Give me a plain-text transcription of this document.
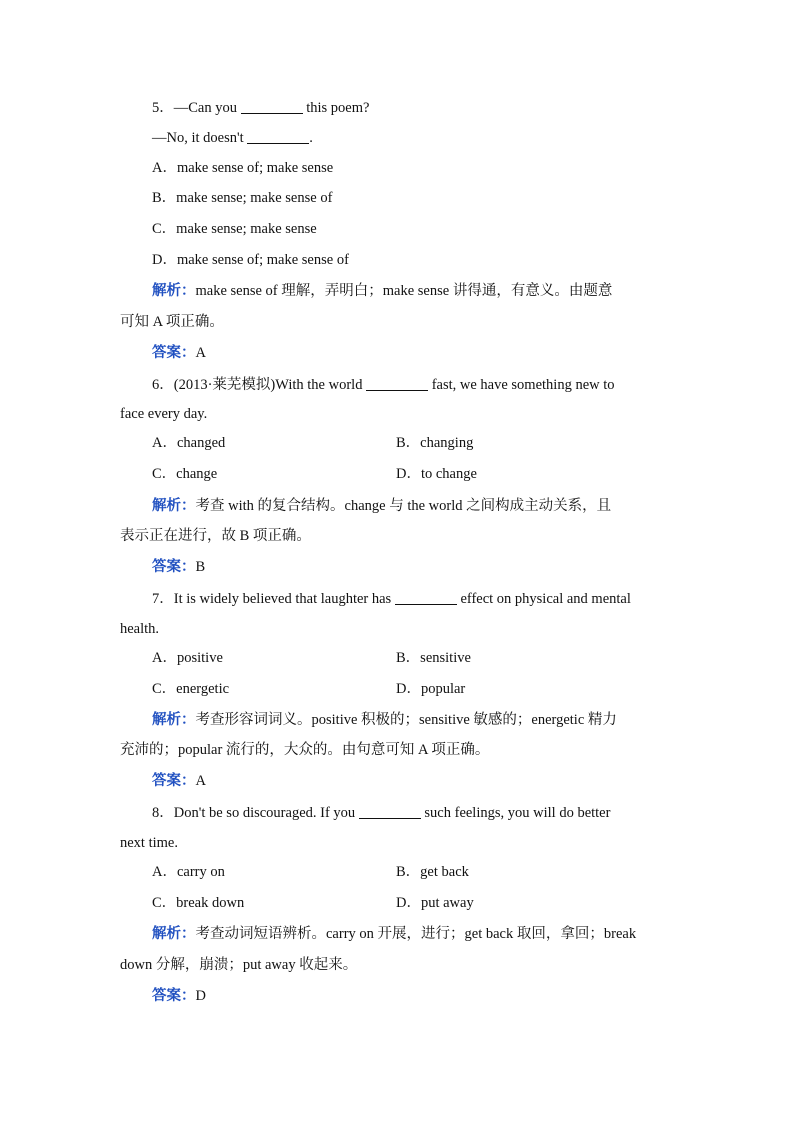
5．—Can you	this poem?
—No, it doesn't	.
A．make sense of; make sense
B．make sense; make sense of
C．make sense; make sense
D．make sense of; make sense of
解析：make sense of 理解，弄明白；make sense 讲得通，有意义。由题意
可知 A 项正确。
答案：A
6．(2013·莱芜模拟)With the world	fast, we have something new to
face every day.
A．changed	B．changing
C．change	D．to change
解析：考查 with 的复合结构。change 与 the world 之间构成主动关系，且
表示正在进行，故 B 项正确。
答案：B
7．It is widely believed that laughter has	effect on physical and mental
health.
A．positive	B．sensitive
C．energetic	D．popular
解析：考查形容词词义。positive 积极的；sensitive 敏感的；energetic 精力
充沛的；popular 流行的，大众的。由句意可知 A 项正确。
答案：A
8．Don't be so discouraged. If you	such feelings, you will do better
next time.
A．carry on	B．get back
C．break down	D．put away
解析：考查动词短语辨析。carry on 开展，进行；get back 取回，拿回；break
down 分解，崩溃；put away 收起来。
答案：D
